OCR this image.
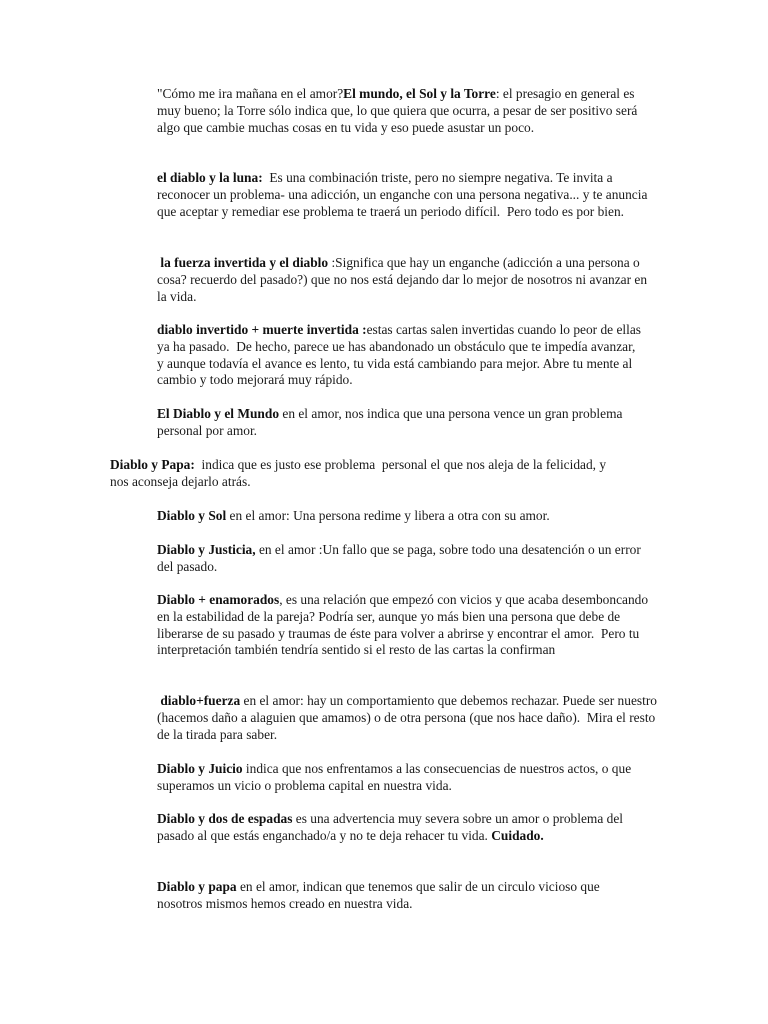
"Cómo me ira mañana en el amor?El mundo, el Sol y la Torre: el presagio en general es muy bueno; la Torre sólo indica que, lo que quiera que ocurra, a pesar de ser positivo será algo que cambie muchas cosas en tu vida y eso puede asustar un poco.

el diablo y la luna:  Es una combinación triste, pero no siempre negativa. Te invita a reconocer un problema- una adicción, un enganche con una persona negativa... y te anuncia que aceptar y remediar ese problema te traerá un periodo difícil.  Pero todo es por bien.

la fuerza invertida y el diablo :Significa que hay un enganche (adicción a una persona o cosa? recuerdo del pasado?) que no nos está dejando dar lo mejor de nosotros ni avanzar en la vida.

diablo invertido + muerte invertida :estas cartas salen invertidas cuando lo peor de ellas ya ha pasado.  De hecho, parece ue has abandonado un obstáculo que te impedía avanzar, y aunque todavía el avance es lento, tu vida está cambiando para mejor. Abre tu mente al cambio y todo mejorará muy rápido.

El Diablo y el Mundo en el amor, nos indica que una persona vence un gran problema personal por amor.

Diablo y Papa:  indica que es justo ese problema  personal el que nos aleja de la felicidad, y nos aconseja dejarlo atrás.

Diablo y Sol en el amor: Una persona redime y libera a otra con su amor.

Diablo y Justicia, en el amor :Un fallo que se paga, sobre todo una desatención o un error del pasado.

Diablo + enamorados, es una relación que empezó con vicios y que acaba desemboncando en la estabilidad de la pareja? Podría ser, aunque yo más bien una persona que debe de liberarse de su pasado y traumas de éste para volver a abrirse y encontrar el amor.  Pero tu interpretación también tendría sentido si el resto de las cartas la confirman

diablo+fuerza en el amor: hay un comportamiento que debemos rechazar. Puede ser nuestro (hacemos daño a alaguien que amamos) o de otra persona (que nos hace daño).  Mira el resto de la tirada para saber.

Diablo y Juicio indica que nos enfrentamos a las consecuencias de nuestros actos, o que superamos un vicio o problema capital en nuestra vida.

Diablo y dos de espadas es una advertencia muy severa sobre un amor o problema del pasado al que estás enganchado/a y no te deja rehacer tu vida. Cuidado.

Diablo y papa en el amor, indican que tenemos que salir de un circulo vicioso que nosotros mismos hemos creado en nuestra vida.
